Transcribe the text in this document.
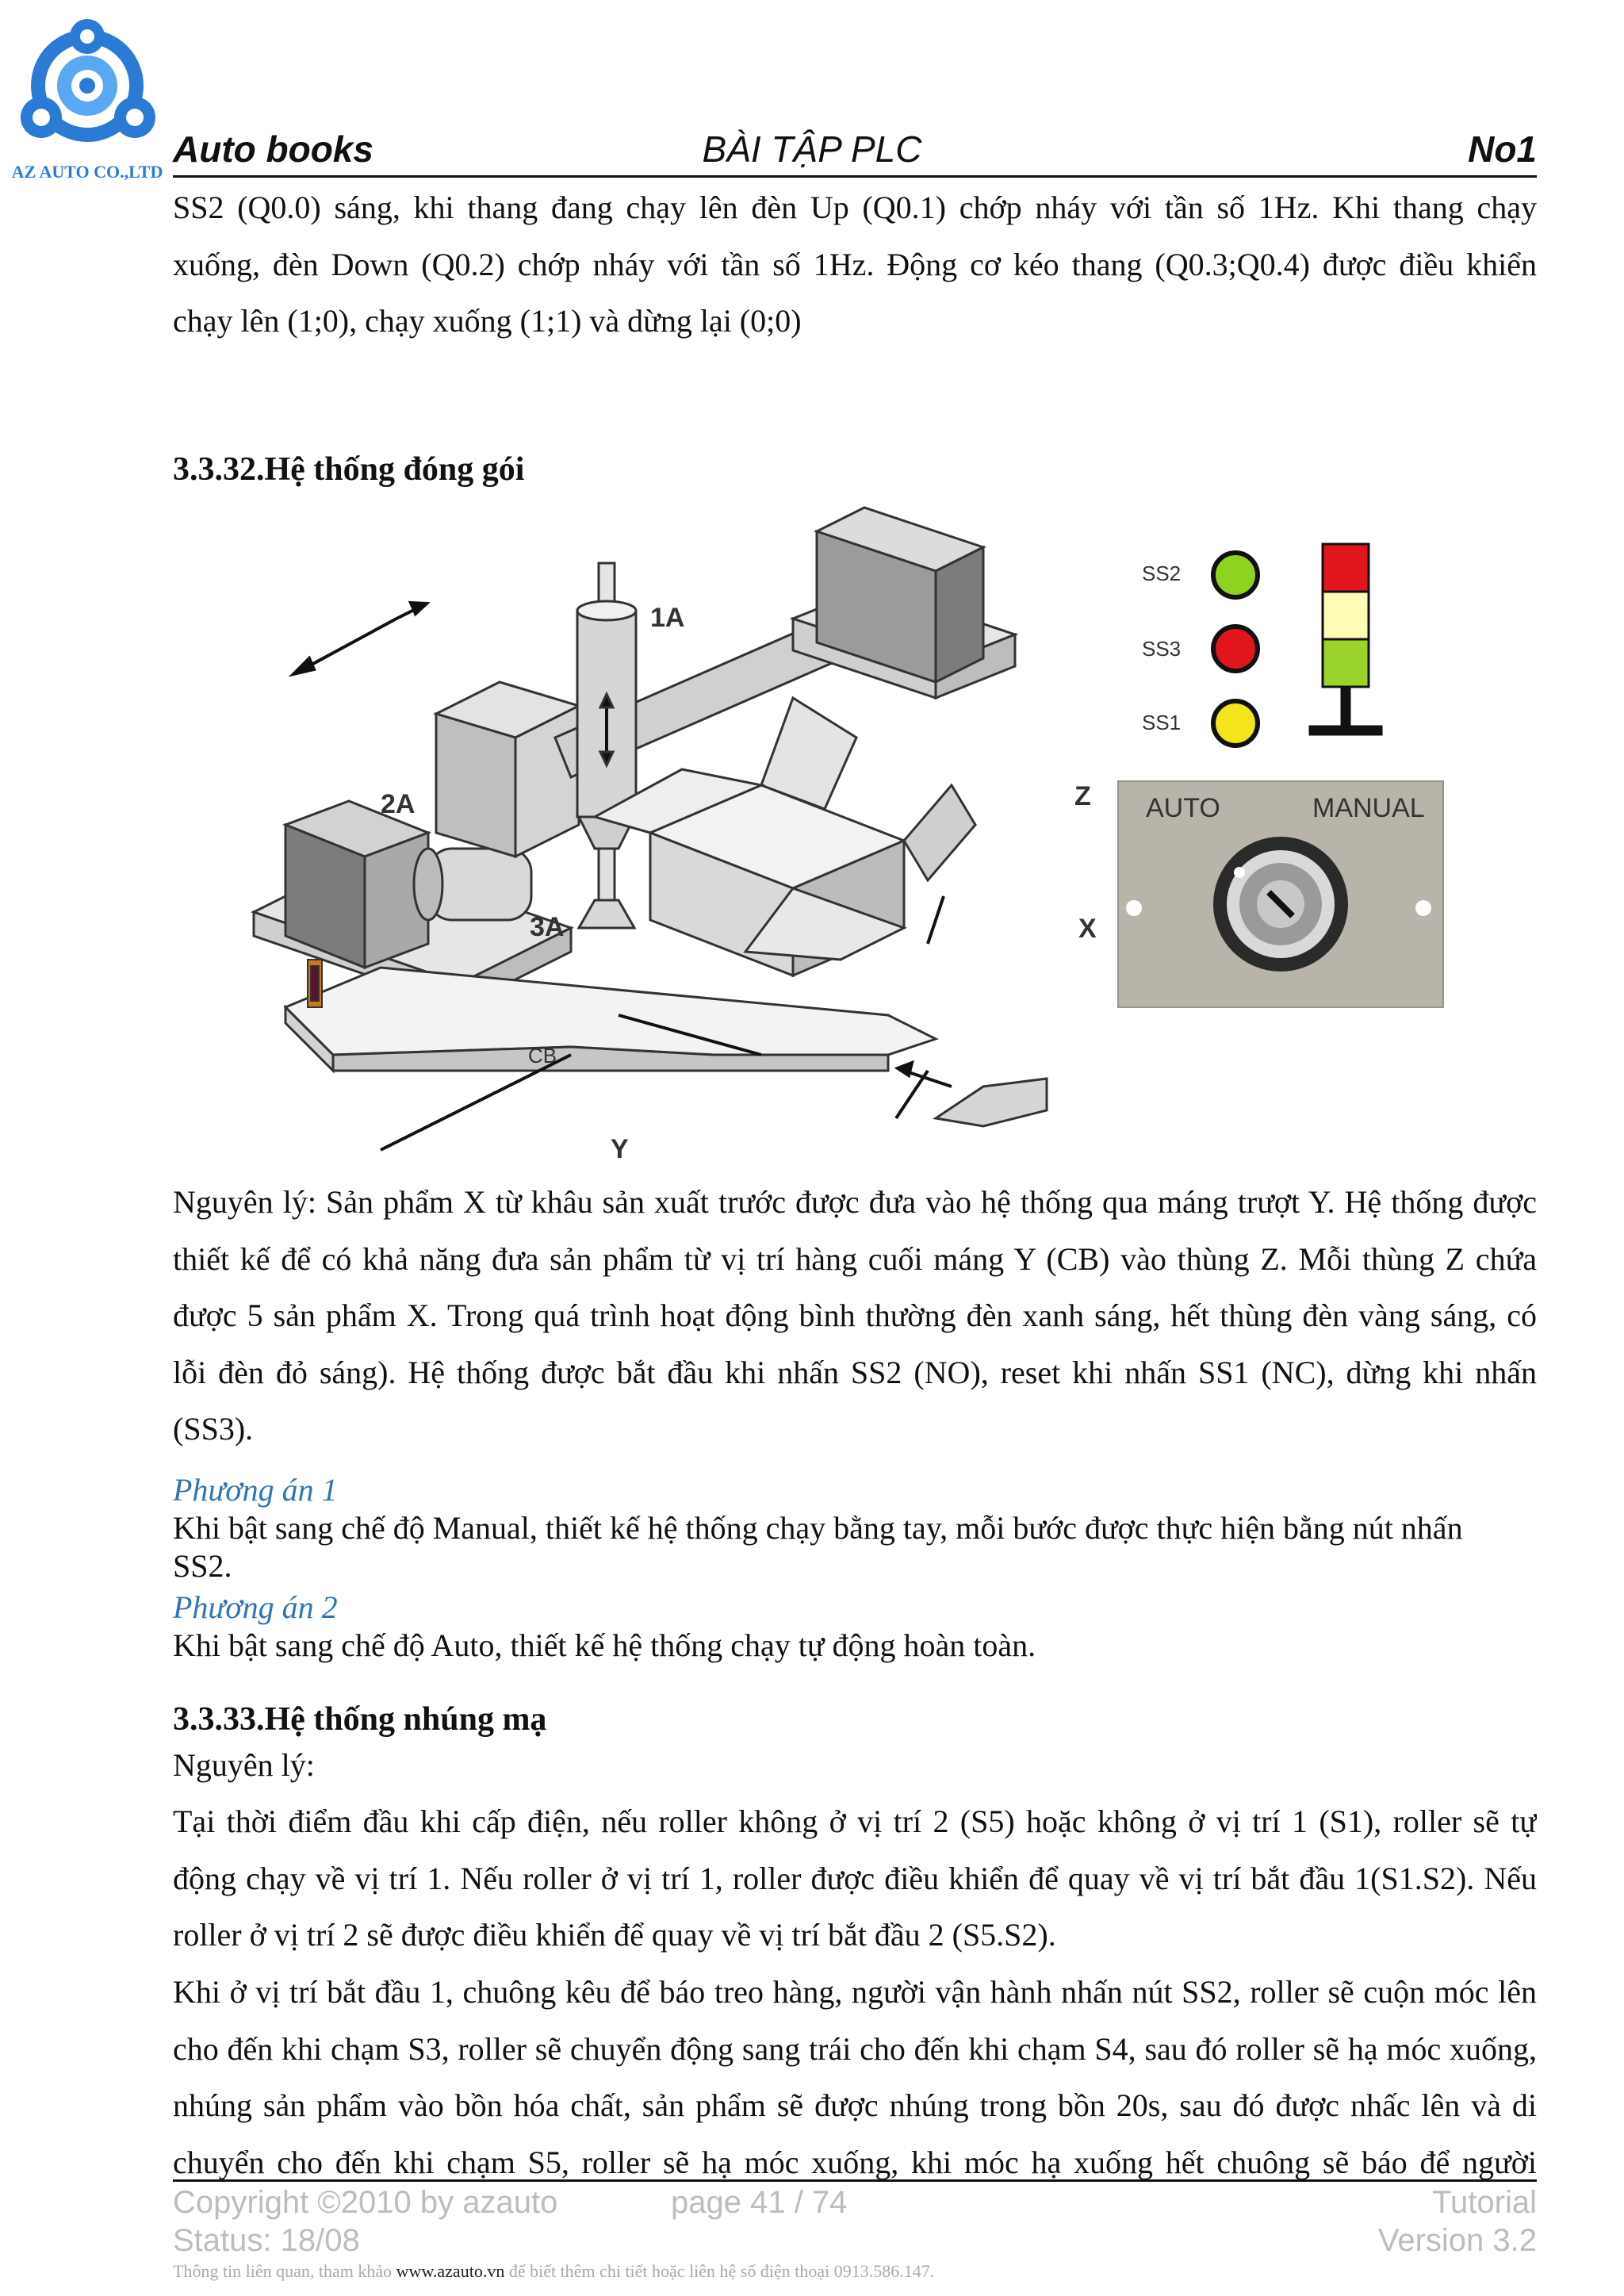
AZ AUTO CO.,LTD
Auto books	BÀI TẬP PLC	No1
SS2 (Q0.0) sáng, khi thang đang chạy lên đèn Up (Q0.1) chớp nháy với tần số 1Hz. Khi thang chạy
xuống, đèn Down (Q0.2) chớp nháy với tần số 1Hz. Động cơ kéo thang (Q0.3;Q0.4) được điều khiển
chạy lên (1;0), chạy xuống (1;1) và dừng lại (0;0)
3.3.32.Hệ thống đóng gói
1A
2A
3A
CB
Y
Z
X
SS2
SS3
SS1
AUTO	MANUAL
Nguyên lý: Sản phẩm X từ khâu sản xuất trước được đưa vào hệ thống qua máng trượt Y. Hệ thống được
thiết kế để có khả năng đưa sản phẩm từ vị trí hàng cuối máng Y (CB) vào thùng Z. Mỗi thùng Z chứa
được 5 sản phẩm X. Trong quá trình hoạt động bình thường đèn xanh sáng, hết thùng đèn vàng sáng, có
lỗi đèn đỏ sáng). Hệ thống được bắt đầu khi nhấn SS2 (NO), reset khi nhấn SS1 (NC), dừng khi nhấn
(SS3).
Phương án 1
Khi bật sang chế độ Manual, thiết kế hệ thống chạy bằng tay, mỗi bước được thực hiện bằng nút nhấn
SS2.
Phương án 2
Khi bật sang chế độ Auto, thiết kế hệ thống chạy tự động hoàn toàn.
3.3.33.Hệ thống nhúng mạ
Nguyên lý:
Tại thời điểm đầu khi cấp điện, nếu roller không ở vị trí 2 (S5) hoặc không ở vị trí 1 (S1), roller sẽ tự
động chạy về vị trí 1. Nếu roller ở vị trí 1, roller được điều khiển để quay về vị trí bắt đầu 1(S1.S2). Nếu
roller ở vị trí 2 sẽ được điều khiển để quay về vị trí bắt đầu 2 (S5.S2).
Khi ở vị trí bắt đầu 1, chuông kêu để báo treo hàng, người vận hành nhấn nút SS2, roller sẽ cuộn móc lên
cho đến khi chạm S3, roller sẽ chuyển động sang trái cho đến khi chạm S4, sau đó roller sẽ hạ móc xuống,
nhúng sản phẩm vào bồn hóa chất, sản phẩm sẽ được nhúng trong bồn 20s, sau đó được nhấc lên và di
chuyển cho đến khi chạm S5, roller sẽ hạ móc xuống, khi móc hạ xuống hết chuông sẽ báo để người
Copyright ©2010 by azauto	page 41 / 74	Tutorial
Status: 18/08	Version 3.2
Thông tin liên quan, tham khảo www.azauto.vn để biết thêm chi tiết hoặc liên hệ số điện thoại 0913.586.147.
